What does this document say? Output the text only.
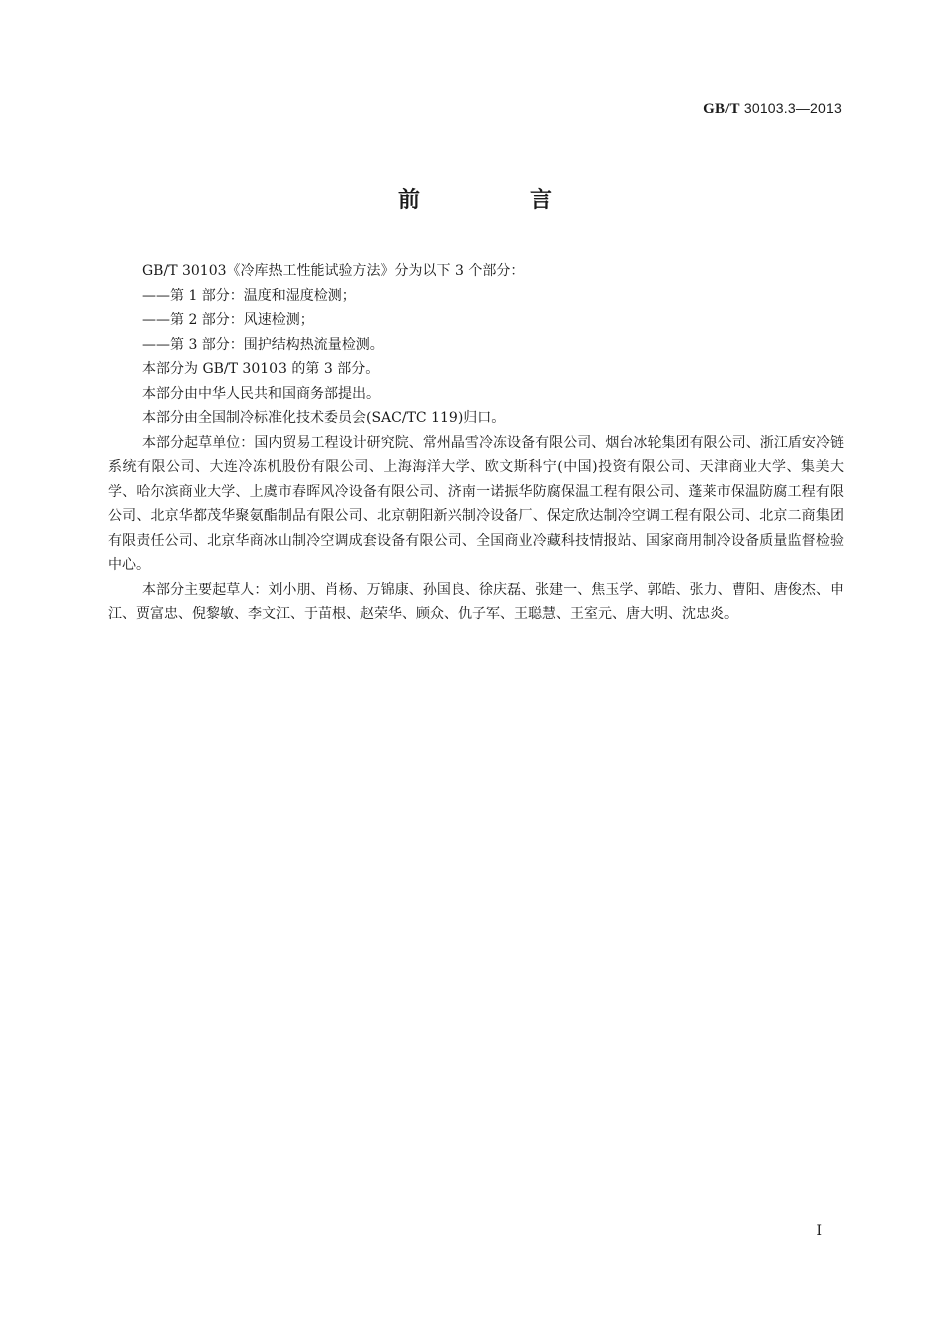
GB/T 30103.3—2013
前　言

GB/T 30103《冷库热工性能试验方法》分为以下 3 个部分：

——第 1 部分：温度和湿度检测；

——第 2 部分：风速检测；

——第 3 部分：围护结构热流量检测。

本部分为 GB/T 30103 的第 3 部分。

本部分由中华人民共和国商务部提出。

本部分由全国制冷标准化技术委员会(SAC/TC 119)归口。

本部分起草单位：国内贸易工程设计研究院、常州晶雪冷冻设备有限公司、烟台冰轮集团有限公司、浙江盾安冷链系统有限公司、大连冷冻机股份有限公司、上海海洋大学、欧文斯科宁(中国)投资有限公司、天津商业大学、集美大学、哈尔滨商业大学、上虞市春晖风冷设备有限公司、济南一诺振华防腐保温工程有限公司、蓬莱市保温防腐工程有限公司、北京华都茂华聚氨酯制品有限公司、北京朝阳新兴制冷设备厂、保定欣达制冷空调工程有限公司、北京二商集团有限责任公司、北京华商冰山制冷空调成套设备有限公司、全国商业冷藏科技情报站、国家商用制冷设备质量监督检验中心。

本部分主要起草人：刘小朋、肖杨、万锦康、孙国良、徐庆磊、张建一、焦玉学、郭皓、张力、曹阳、唐俊杰、申江、贾富忠、倪黎敏、李文江、于苗根、赵荣华、顾众、仇子军、王聪慧、王室元、唐大明、沈忠炎。

I
